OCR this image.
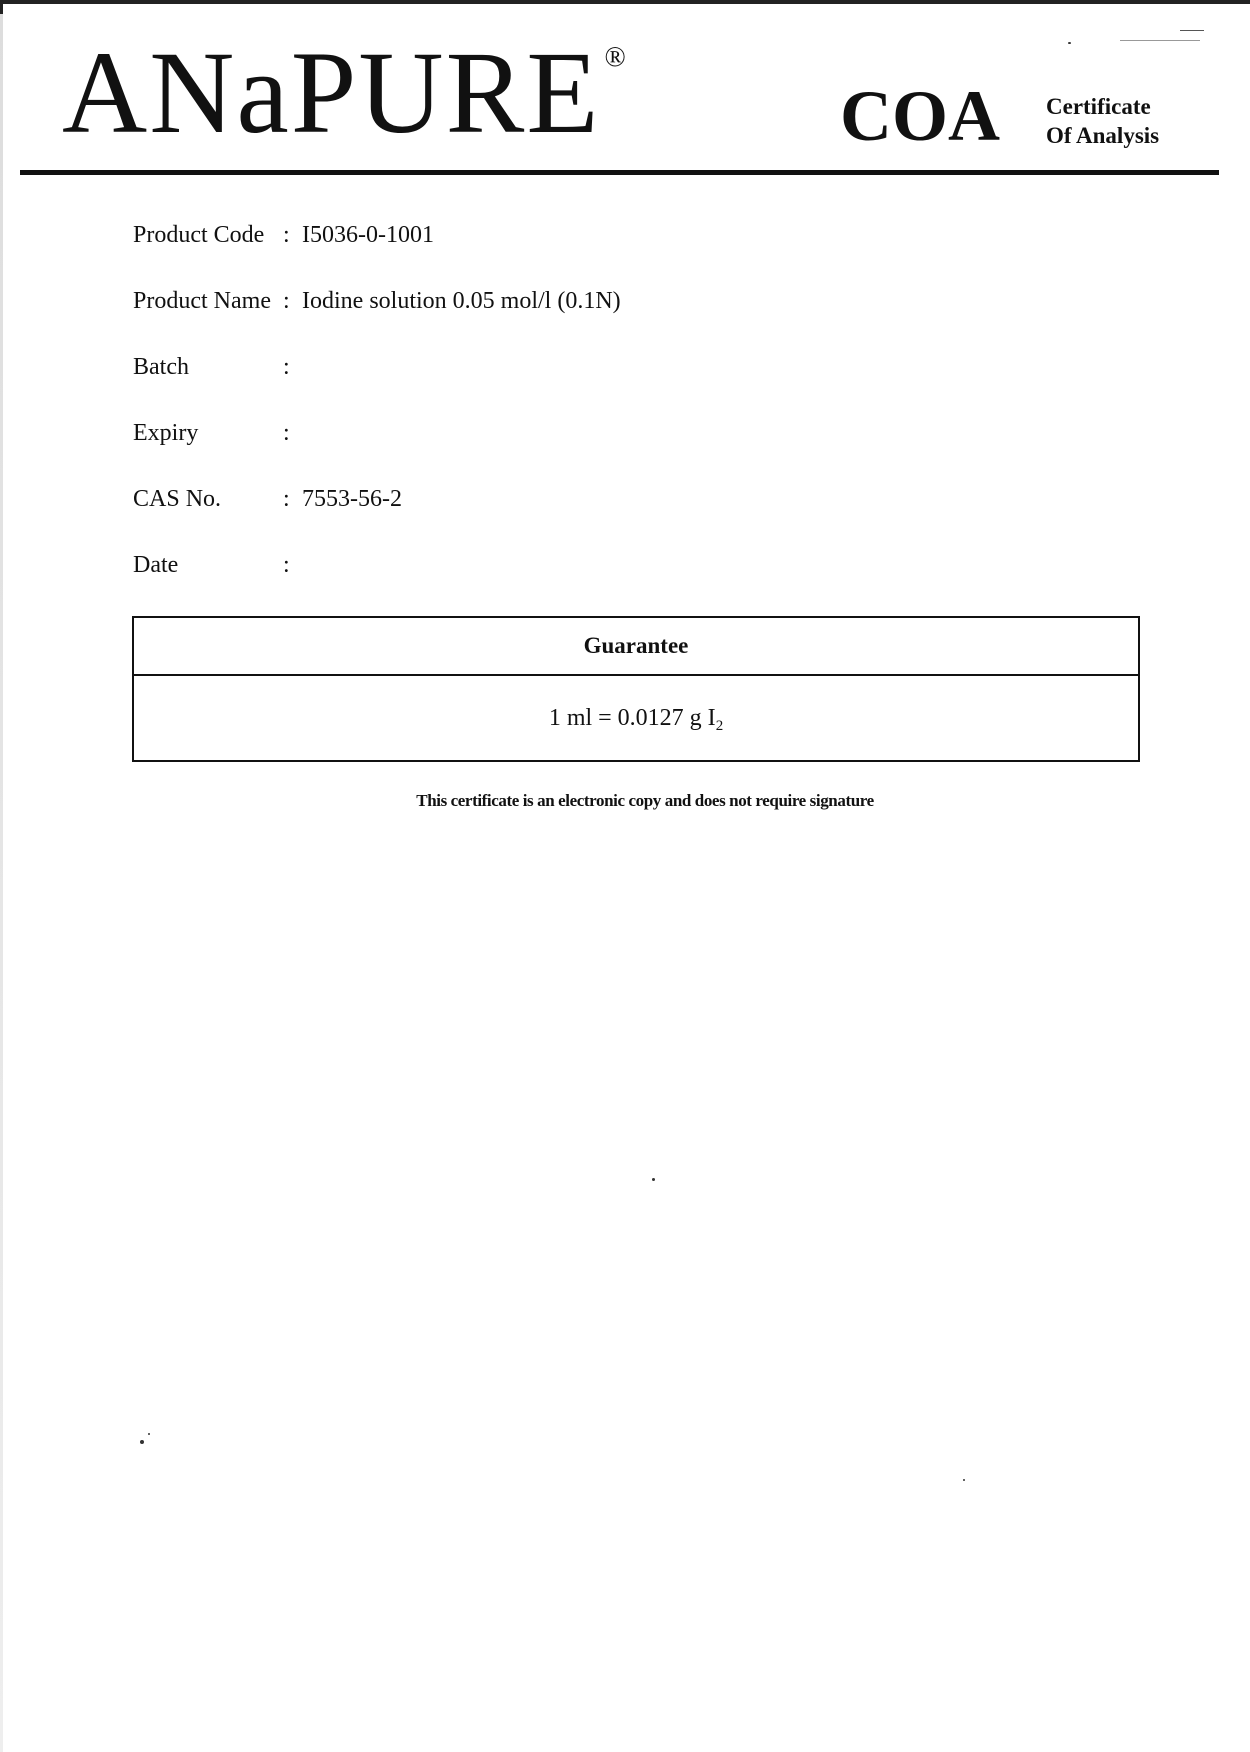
ANaPURE ®
COA Certificate
Of Analysis
Product Code : I5036-0-1001
Product Name : Iodine solution 0.05 mol/l (0.1N)
Batch	:
Expiry	:
CAS No.	: 7553-56-2
Date	:
Guarantee
1 ml = 0.0127 g $I_2$
This certificate is an electronic copy and does not require signature
